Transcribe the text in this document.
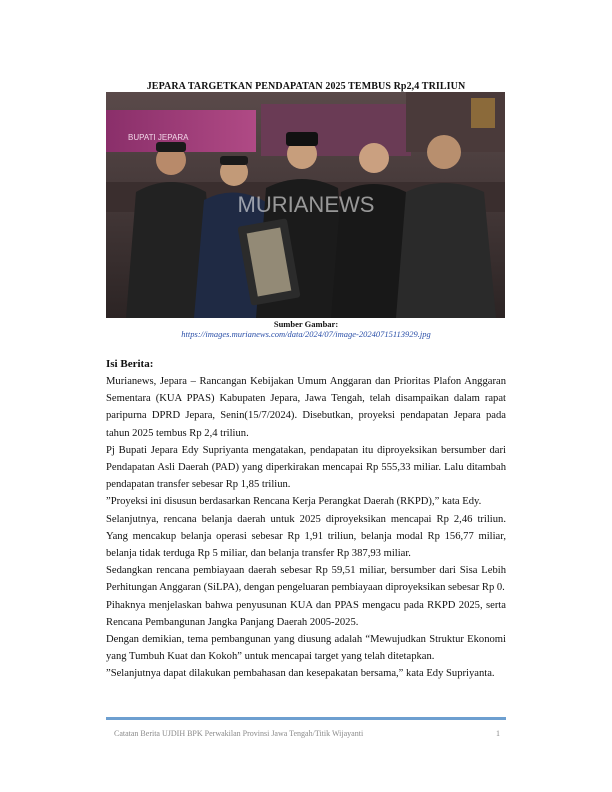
JEPARA TARGETKAN PENDAPATAN 2025 TEMBUS Rp2,4 TRILIUN
BUPATI JEPARA
MURIANEWS
Sumber Gambar:
https://images.murianews.com/data/2024/07/image-20240715113929.jpg
Isi Berita:

Murianews, Jepara – Rancangan Kebijakan Umum Anggaran dan Prioritas Plafon Anggaran Sementara (KUA PPAS) Kabupaten Jepara, Jawa Tengah, telah disampaikan dalam rapat paripurna DPRD Jepara, Senin(15/7/2024). Disebutkan, proyeksi pendapatan Jepara pada tahun 2025 tembus Rp 2,4 triliun.

Pj Bupati Jepara Edy Supriyanta mengatakan, pendapatan itu diproyeksikan bersumber dari Pendapatan Asli Daerah (PAD) yang diperkirakan mencapai Rp 555,33 miliar. Lalu ditambah pendapatan transfer sebesar Rp 1,85 triliun.

”Proyeksi ini disusun berdasarkan Rencana Kerja Perangkat Daerah (RKPD),” kata Edy.

Selanjutnya, rencana belanja daerah untuk 2025 diproyeksikan mencapai Rp 2,46 triliun. Yang mencakup belanja operasi sebesar Rp 1,91 triliun, belanja modal Rp 156,77 miliar, belanja tidak terduga Rp 5 miliar, dan belanja transfer Rp 387,93 miliar.

Sedangkan rencana pembiayaan daerah sebesar Rp 59,51 miliar, bersumber dari Sisa Lebih Perhitungan Anggaran (SiLPA), dengan pengeluaran pembiayaan diproyeksikan sebesar Rp 0.

Pihaknya menjelaskan bahwa penyusunan KUA dan PPAS mengacu pada RKPD 2025, serta Rencana Pembangunan Jangka Panjang Daerah 2005-2025.

Dengan demikian, tema pembangunan yang diusung adalah “Mewujudkan Struktur Ekonomi yang Tumbuh Kuat dan Kokoh” untuk mencapai target yang telah ditetapkan.

”Selanjutnya dapat dilakukan pembahasan dan kesepakatan bersama,” kata Edy Supriyanta.

Catatan Berita UJDIH BPK Perwakilan Provinsi Jawa Tengah/Titik Wijayanti	1
